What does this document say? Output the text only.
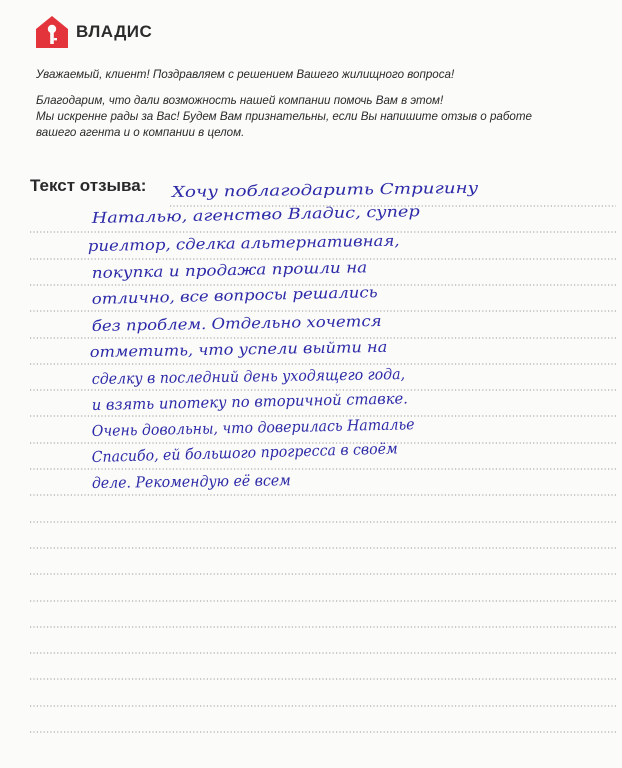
ВЛАДИС
Уважаемый, клиент! Поздравляем с решением Вашего жилищного вопроса!
Благодарим, что дали возможность нашей компании помочь Вам в этом!
Мы искренне рады за Вас! Будем Вам признательны, если Вы напишите отзыв о работе
вашего агента и о компании в целом.
Текст отзыва: Хочу поблагодарить Стригину
Наталью, агенство Владис, супер
риелтор, сделка альтернативная,
покупка и продажа прошли на
отлично, все вопросы решались
без проблем. Отдельно хочется
отметить, что успели выйти на
сделку в последний день уходящего года,
и взять ипотеку по вторичной ставке.
Очень довольны, что доверилась Наталье
Спасибо, ей большого прогресса в своём
деле. Рекомендую её всем
